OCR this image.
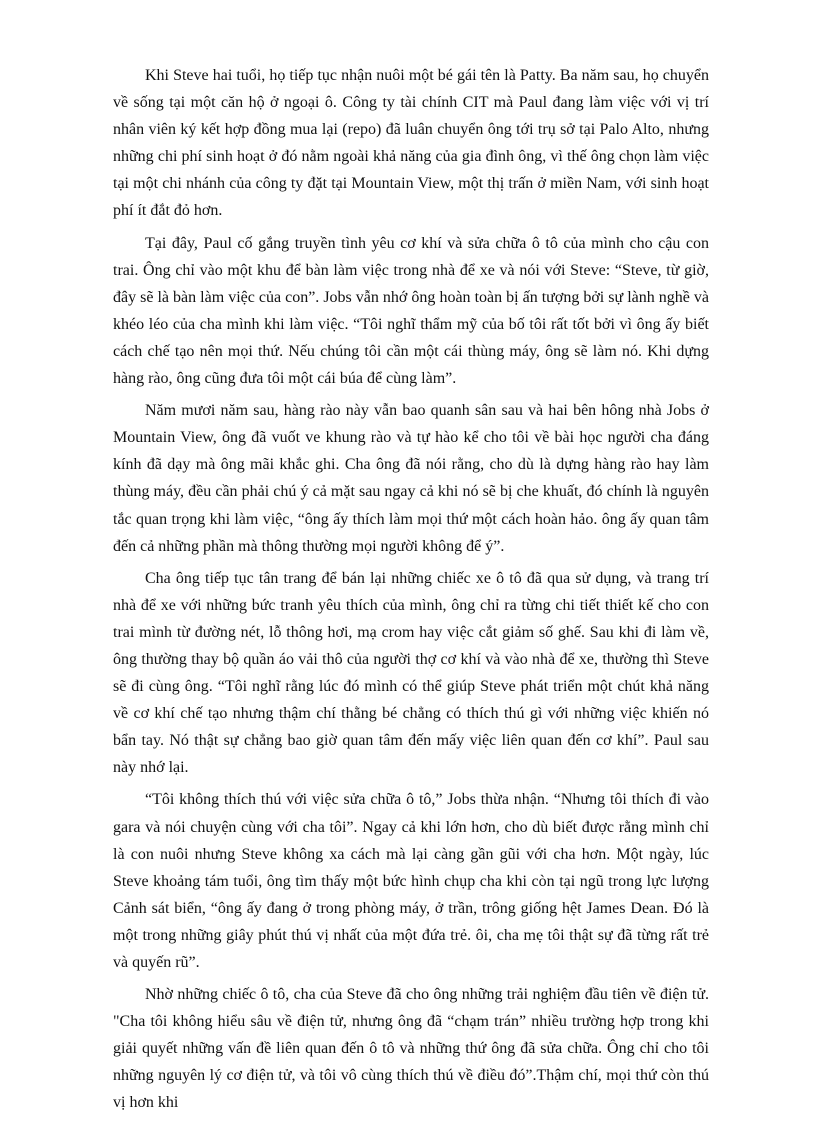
Khi Steve hai tuổi, họ tiếp tục nhận nuôi một bé gái tên là Patty. Ba năm sau, họ chuyển về sống tại một căn hộ ở ngoại ô. Công ty tài chính CIT mà Paul đang làm việc với vị trí nhân viên ký kết hợp đồng mua lại (repo) đã luân chuyển ông tới trụ sở tại Palo Alto, nhưng những chi phí sinh hoạt ở đó nằm ngoài khả năng của gia đình ông, vì thế ông chọn làm việc tại một chi nhánh của công ty đặt tại Mountain View, một thị trấn ở miền Nam, với sinh hoạt phí ít đắt đỏ hơn.

Tại đây, Paul cố gắng truyền tình yêu cơ khí và sửa chữa ô tô của mình cho cậu con trai. Ông chỉ vào một khu để bàn làm việc trong nhà để xe và nói với Steve: “Steve, từ giờ, đây sẽ là bàn làm việc của con”. Jobs vẫn nhớ ông hoàn toàn bị ấn tượng bởi sự lành nghề và khéo léo của cha mình khi làm việc. “Tôi nghĩ thẩm mỹ của bố tôi rất tốt bởi vì ông ấy biết cách chế tạo nên mọi thứ. Nếu chúng tôi cần một cái thùng máy, ông sẽ làm nó. Khi dựng hàng rào, ông cũng đưa tôi một cái búa để cùng làm”.

Năm mươi năm sau, hàng rào này vẫn bao quanh sân sau và hai bên hông nhà Jobs ở Mountain View, ông đã vuốt ve khung rào và tự hào kể cho tôi về bài học người cha đáng kính đã dạy mà ông mãi khắc ghi. Cha ông đã nói rằng, cho dù là dựng hàng rào hay làm thùng máy, đều cần phải chú ý cả mặt sau ngay cả khi nó sẽ bị che khuất, đó chính là nguyên tắc quan trọng khi làm việc, “ông ấy thích làm mọi thứ một cách hoàn hảo. ông ấy quan tâm đến cả những phần mà thông thường mọi người không để ý”.

Cha ông tiếp tục tân trang để bán lại những chiếc xe ô tô đã qua sử dụng, và trang trí nhà để xe với những bức tranh yêu thích của mình, ông chỉ ra từng chi tiết thiết kế cho con trai mình từ đường nét, lỗ thông hơi, mạ crom hay việc cắt giảm số ghế. Sau khi đi làm về, ông thường thay bộ quần áo vải thô của người thợ cơ khí và vào nhà để xe, thường thì Steve sẽ đi cùng ông. “Tôi nghĩ rằng lúc đó mình có thể giúp Steve phát triển một chút khả năng về cơ khí chế tạo nhưng thậm chí thằng bé chẳng có thích thú gì với những việc khiến nó bẩn tay. Nó thật sự chẳng bao giờ quan tâm đến mấy việc liên quan đến cơ khí”. Paul sau này nhớ lại.

“Tôi không thích thú với việc sửa chữa ô tô,” Jobs thừa nhận. “Nhưng tôi thích đi vào gara và nói chuyện cùng với cha tôi”. Ngay cả khi lớn hơn, cho dù biết được rằng mình chỉ là con nuôi nhưng Steve không xa cách mà lại càng gần gũi với cha hơn. Một ngày, lúc Steve khoảng tám tuổi, ông tìm thấy một bức hình chụp cha khi còn tại ngũ trong lực lượng Cảnh sát biển, “ông ấy đang ở trong phòng máy, ở trần, trông giống hệt James Dean. Đó là một trong những giây phút thú vị nhất của một đứa trẻ. ôi, cha mẹ tôi thật sự đã từng rất trẻ và quyến rũ”.

Nhờ những chiếc ô tô, cha của Steve đã cho ông những trải nghiệm đầu tiên về điện tử. "Cha tôi không hiểu sâu về điện tử, nhưng ông đã “chạm trán” nhiều trường hợp trong khi giải quyết những vấn đề liên quan đến ô tô và những thứ ông đã sửa chữa. Ông chỉ cho tôi những nguyên lý cơ điện tử, và tôi vô cùng thích thú về điều đó”.Thậm chí, mọi thứ còn thú vị hơn khi
